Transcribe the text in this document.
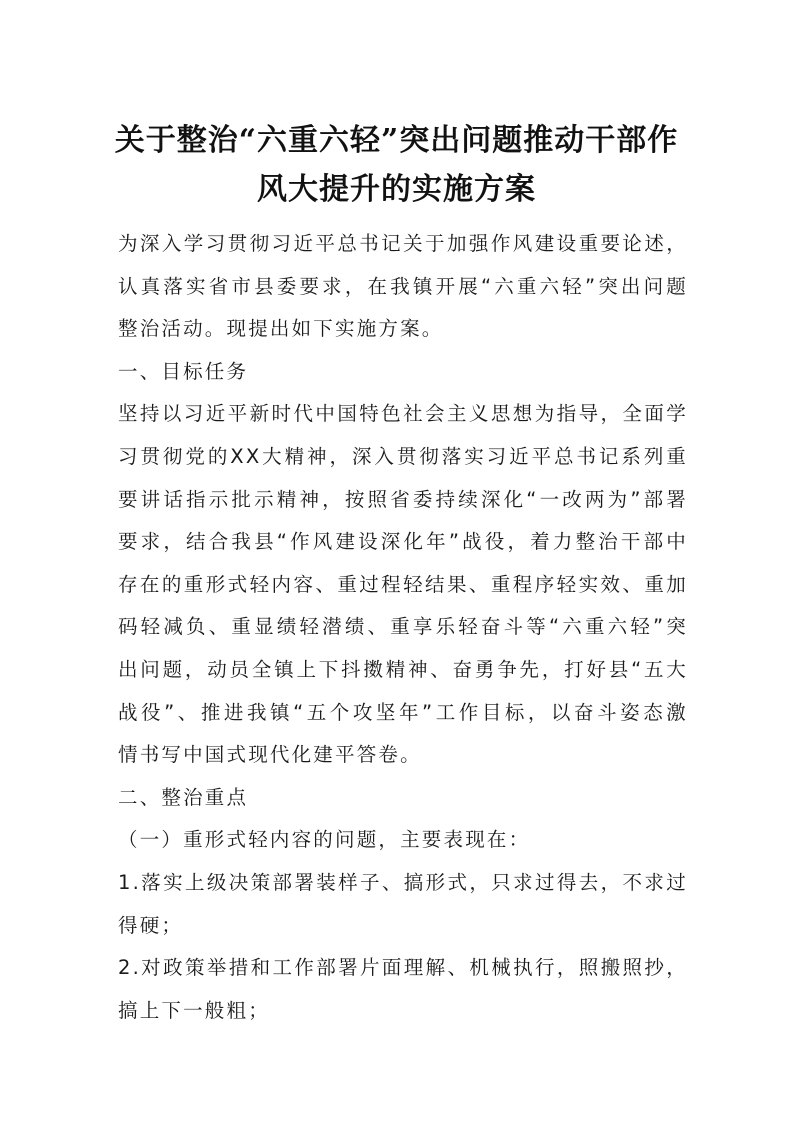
关于整治“六重六轻”突出问题推动干部作
风大提升的实施方案
为深入学习贯彻习近平总书记关于加强作风建设重要论述，
认真落实省市县委要求，在我镇开展“六重六轻”突出问题
整治活动。现提出如下实施方案。
一、目标任务
坚持以习近平新时代中国特色社会主义思想为指导，全面学
习贯彻党的XX大精神，深入贯彻落实习近平总书记系列重
要讲话指示批示精神，按照省委持续深化“一改两为”部署
要求，结合我县“作风建设深化年”战役，着力整治干部中
存在的重形式轻内容、重过程轻结果、重程序轻实效、重加
码轻减负、重显绩轻潜绩、重享乐轻奋斗等“六重六轻”突
出问题，动员全镇上下抖擞精神、奋勇争先，打好县“五大
战役”、推进我镇“五个攻坚年”工作目标，以奋斗姿态激
情书写中国式现代化建平答卷。
二、整治重点
（一）重形式轻内容的问题，主要表现在：
1.落实上级决策部署装样子、搞形式，只求过得去，不求过
得硬；
2.对政策举措和工作部署片面理解、机械执行，照搬照抄，
搞上下一般粗；
